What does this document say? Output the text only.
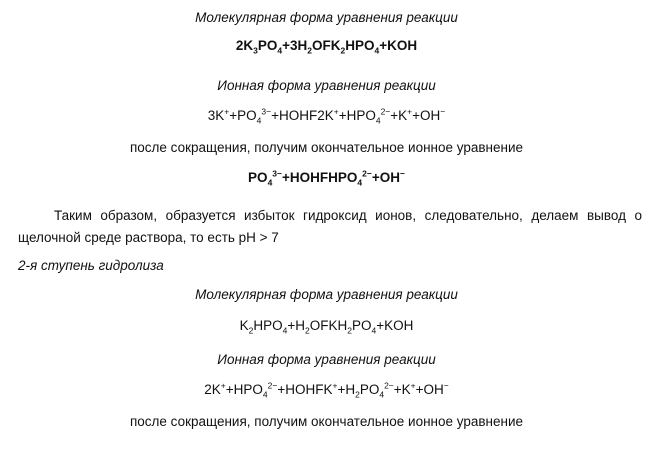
Молекулярная форма уравнения реакции
$2K_3PO_4+3H_2OFK_2HPO_4+KOH$
Ионная форма уравнения реакции
$3K^++PO_4^{3-}+HOHF2K^++HPO_4^{2-}+K^++OH^-$
после сокращения, получим окончательное ионное уравнение
$PO_4^{3-}+HOHFHPO_4^{2-}+OH^-$
Таким образом, образуется избыток гидроксид ионов, следовательно, делаем вывод о щелочной среде раствора, то есть pH > 7
2-я ступень гидролиза
Молекулярная форма уравнения реакции
$K_2HPO_4+H_2OFKH_2PO_4+KOH$
Ионная форма уравнения реакции
$2K^++HPO_4^{2-}+HOHFK^++H_2PO_4^{2-}+K^++OH^-$
после сокращения, получим окончательное ионное уравнение
